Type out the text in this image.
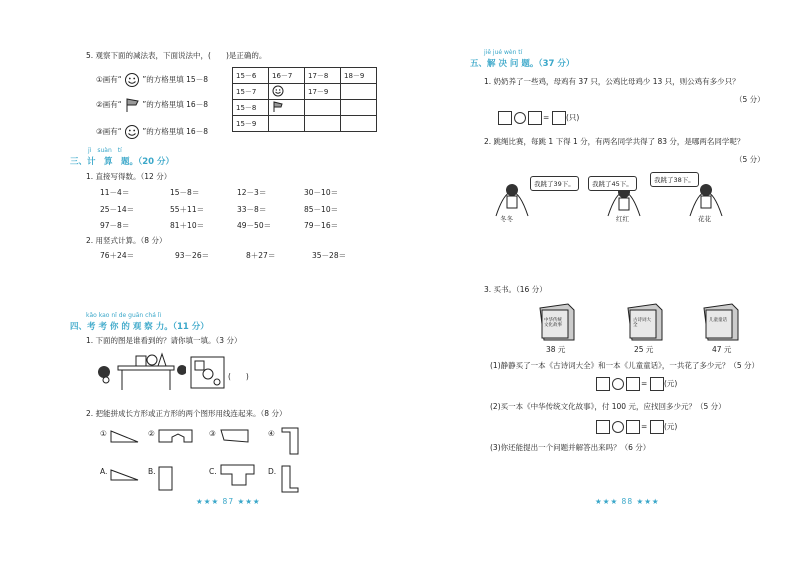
5. 观察下面的减法表，下面说法中，(　　)是正确的。
①画有“	”的方格里填 15－8
②画有“	”的方格里填 16－8
③画有“	”的方格里填 16－8
15－6	16－7	17－8	18－9
15－7		17－9	
15－8			
15－9			
jì　suàn　tí
三、计　算　题。（20 分）
1. 直接写得数。（12 分）
11－4＝	15－8＝	12－3＝	30－10＝
25－14＝	55＋11＝	33－8＝	85－10＝
97－8＝	81＋10＝	49－50＝	79－16＝
2. 用竖式计算。（8 分）
76＋24＝	93－26＝	8＋27＝	35－28＝
kǎo kao nǐ de guān chá lì
四、考 考 你 的 观 察 力。（11 分）
1. 下面的图是谁看到的？请你填一填。（3 分）
(　　)
2. 把能拼成长方形或正方形的两个图形用线连起来。（8 分）
①	②	③	④
A.	B.	C.	D.
★★★ 87 ★★★
jiě jué wèn tí
五、解 决 问 题。（37 分）
1. 奶奶养了一些鸡，母鸡有 37 只，公鸡比母鸡少 13 只，则公鸡有多少只？
（5 分）
= (只)
2. 跳绳比赛，每跳 1 下得 1 分，有两名同学共得了 83 分，是哪两名同学呢？
（5 分）
我跳了39下。	我跳了45下。	我跳了38下。
冬冬	红红	花花
3. 买书。（16 分）
中华传统文化故事
38 元
古诗词大全
25 元
儿童童话
47 元
(1)静静买了一本《古诗词大全》和一本《儿童童话》，一共花了多少元？（5 分）
= (元)
(2)买一本《中华传统文化故事》，付 100 元，应找回多少元？（5 分）
= (元)
(3)你还能提出一个问题并解答出来吗？（6 分）
★★★ 88 ★★★
